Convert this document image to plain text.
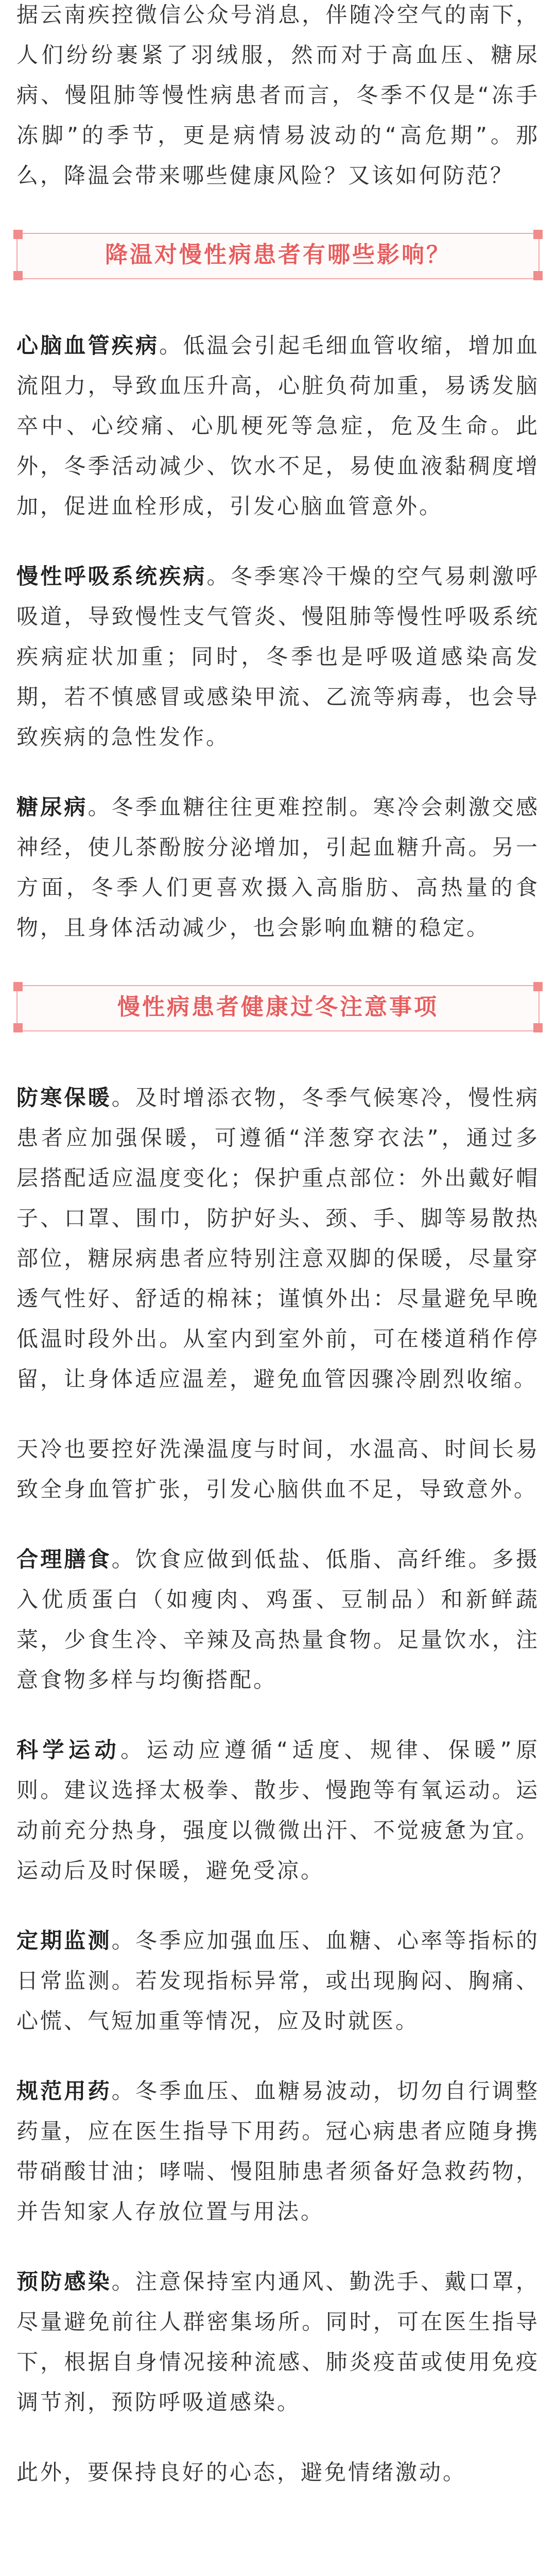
据云南疾控微信公众号消息，伴随冷空气的南下，人们纷纷裹紧了羽绒服，然而对于高血压、糖尿病、慢阻肺等慢性病患者而言，冬季不仅是“冻手冻脚”的季节，更是病情易波动的“高危期”。那么，降温会带来哪些健康风险？又该如何防范？

降温对慢性病患者有哪些影响？

心脑血管疾病。低温会引起毛细血管收缩，增加血流阻力，导致血压升高，心脏负荷加重，易诱发脑卒中、心绞痛、心肌梗死等急症，危及生命。此外，冬季活动减少、饮水不足，易使血液黏稠度增加，促进血栓形成，引发心脑血管意外。

慢性呼吸系统疾病。冬季寒冷干燥的空气易刺激呼吸道，导致慢性支气管炎、慢阻肺等慢性呼吸系统疾病症状加重；同时，冬季也是呼吸道感染高发期，若不慎感冒或感染甲流、乙流等病毒，也会导致疾病的急性发作。

糖尿病。冬季血糖往往更难控制。寒冷会刺激交感神经，使儿茶酚胺分泌增加，引起血糖升高。另一方面，冬季人们更喜欢摄入高脂肪、高热量的食物，且身体活动减少，也会影响血糖的稳定。

慢性病患者健康过冬注意事项

防寒保暖。及时增添衣物，冬季气候寒冷，慢性病患者应加强保暖，可遵循“洋葱穿衣法”，通过多层搭配适应温度变化；保护重点部位：外出戴好帽子、口罩、围巾，防护好头、颈、手、脚等易散热部位，糖尿病患者应特别注意双脚的保暖，尽量穿透气性好、舒适的棉袜；谨慎外出：尽量避免早晚低温时段外出。从室内到室外前，可在楼道稍作停留，让身体适应温差，避免血管因骤冷剧烈收缩。

天冷也要控好洗澡温度与时间，水温高、时间长易致全身血管扩张，引发心脑供血不足，导致意外。

合理膳食。饮食应做到低盐、低脂、高纤维。多摄入优质蛋白（如瘦肉、鸡蛋、豆制品）和新鲜蔬菜，少食生冷、辛辣及高热量食物。足量饮水，注意食物多样与均衡搭配。

科学运动。运动应遵循“适度、规律、保暖”原则。建议选择太极拳、散步、慢跑等有氧运动。运动前充分热身，强度以微微出汗、不觉疲惫为宜。运动后及时保暖，避免受凉。

定期监测。冬季应加强血压、血糖、心率等指标的日常监测。若发现指标异常，或出现胸闷、胸痛、心慌、气短加重等情况，应及时就医。

规范用药。冬季血压、血糖易波动，切勿自行调整药量，应在医生指导下用药。冠心病患者应随身携带硝酸甘油；哮喘、慢阻肺患者须备好急救药物，并告知家人存放位置与用法。

预防感染。注意保持室内通风、勤洗手、戴口罩，尽量避免前往人群密集场所。同时，可在医生指导下，根据自身情况接种流感、肺炎疫苗或使用免疫调节剂，预防呼吸道感染。

此外，要保持良好的心态，避免情绪激动。
